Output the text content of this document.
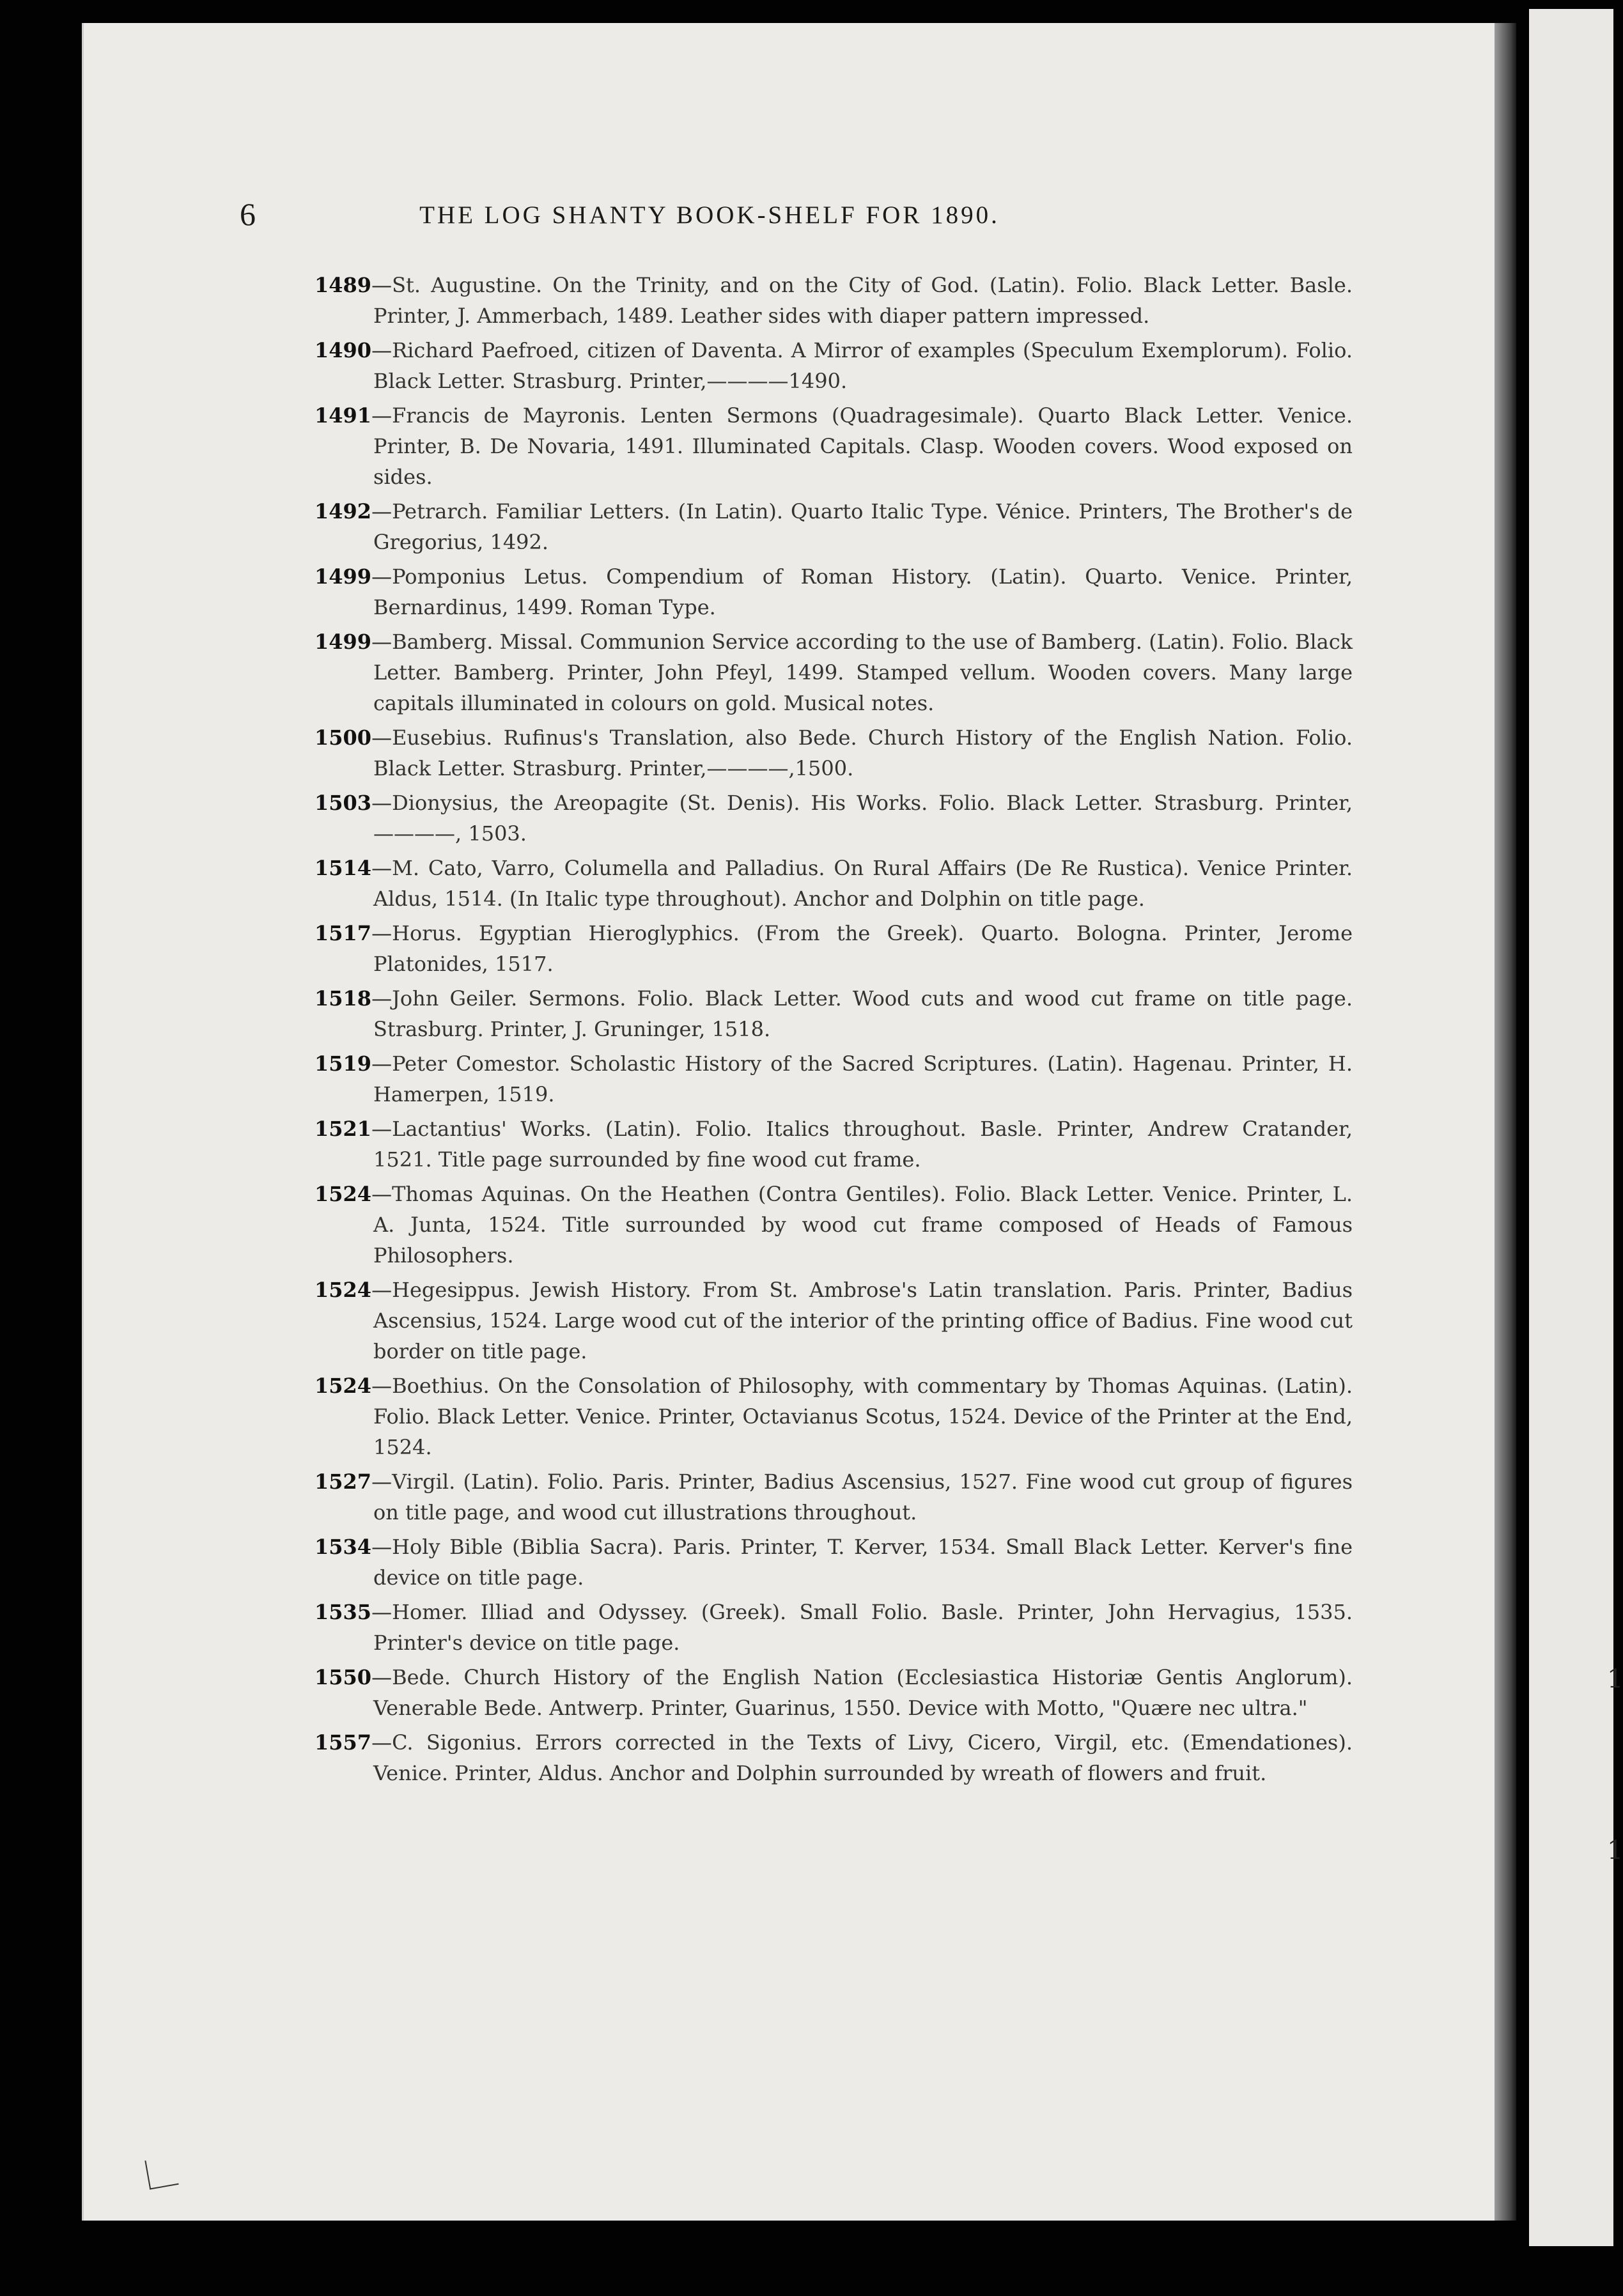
1
1
6	THE LOG SHANTY BOOK-SHELF FOR 1890.
1489—St. Augustine. On the Trinity, and on the City of God. (Latin). Folio. Black Letter. Basle. Printer, J. Ammerbach, 1489. Leather sides with diaper pattern impressed.
1490—Richard Paefroed, citizen of Daventa. A Mirror of examples (Speculum Exemplorum). Folio. Black Letter. Strasburg. Printer,————1490.
1491—Francis de Mayronis. Lenten Sermons (Quadragesimale). Quarto Black Letter. Venice. Printer, B. De Novaria, 1491. Illuminated Capitals. Clasp. Wooden covers. Wood exposed on sides.
1492—Petrarch. Familiar Letters. (In Latin). Quarto Italic Type. Vénice. Printers, The Brother's de Gregorius, 1492.
1499—Pomponius Letus. Compendium of Roman History. (Latin). Quarto. Venice. Printer, Bernardinus, 1499. Roman Type.
1499—Bamberg. Missal. Communion Service according to the use of Bamberg. (Latin). Folio. Black Letter. Bamberg. Printer, John Pfeyl, 1499. Stamped vellum. Wooden covers. Many large capitals illuminated in colours on gold. Musical notes.
1500—Eusebius. Rufinus's Translation, also Bede. Church History of the English Nation. Folio. Black Letter. Strasburg. Printer,————,1500.
1503—Dionysius, the Areopagite (St. Denis). His Works. Folio. Black Letter. Strasburg. Printer, ————, 1503.
1514—M. Cato, Varro, Columella and Palladius. On Rural Affairs (De Re Rustica). Venice Printer. Aldus, 1514. (In Italic type throughout). Anchor and Dolphin on title page.
1517—Horus. Egyptian Hieroglyphics. (From the Greek). Quarto. Bologna. Printer, Jerome Platonides, 1517.
1518—John Geiler. Sermons. Folio. Black Letter. Wood cuts and wood cut frame on title page. Strasburg. Printer, J. Gruninger, 1518.
1519—Peter Comestor. Scholastic History of the Sacred Scriptures. (Latin). Hagenau. Printer, H. Hamerpen, 1519.
1521—Lactantius' Works. (Latin). Folio. Italics throughout. Basle. Printer, Andrew Cratander, 1521. Title page surrounded by fine wood cut frame.
1524—Thomas Aquinas. On the Heathen (Contra Gentiles). Folio. Black Letter. Venice. Printer, L. A. Junta, 1524. Title surrounded by wood cut frame composed of Heads of Famous Philosophers.
1524—Hegesippus. Jewish History. From St. Ambrose's Latin translation. Paris. Printer, Badius Ascensius, 1524. Large wood cut of the interior of the printing office of Badius. Fine wood cut border on title page.
1524—Boethius. On the Consolation of Philosophy, with commentary by Thomas Aquinas. (Latin). Folio. Black Letter. Venice. Printer, Octavianus Scotus, 1524. Device of the Printer at the End, 1524.
1527—Virgil. (Latin). Folio. Paris. Printer, Badius Ascensius, 1527. Fine wood cut group of figures on title page, and wood cut illustrations throughout.
1534—Holy Bible (Biblia Sacra). Paris. Printer, T. Kerver, 1534. Small Black Letter. Kerver's fine device on title page.
1535—Homer. Illiad and Odyssey. (Greek). Small Folio. Basle. Printer, John Hervagius, 1535. Printer's device on title page.
1550—Bede. Church History of the English Nation (Ecclesiastica Historiæ Gentis Anglorum). Venerable Bede. Antwerp. Printer, Guarinus, 1550. Device with Motto, "Quære nec ultra."
1557—C. Sigonius. Errors corrected in the Texts of Livy, Cicero, Virgil, etc. (Emendationes). Venice. Printer, Aldus. Anchor and Dolphin surrounded by wreath of flowers and fruit.
